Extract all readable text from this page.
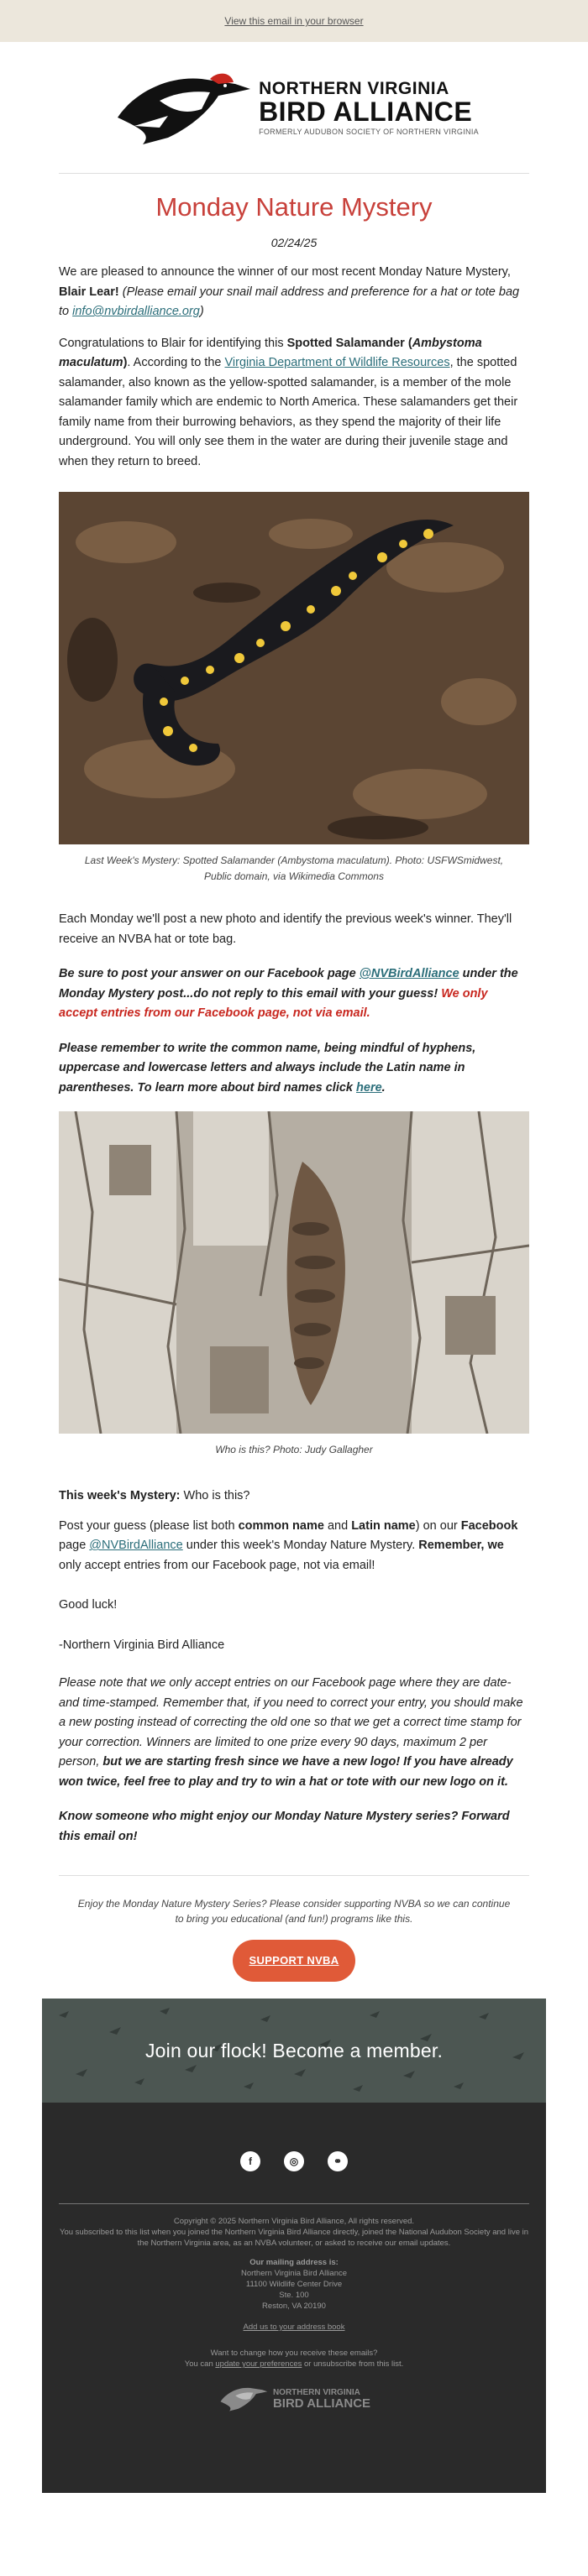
View this email in your browser
NORTHERN VIRGINIA
BIRD ALLIANCE
FORMERLY AUDUBON SOCIETY OF NORTHERN VIRGINIA
Monday Nature Mystery
02/24/25

We are pleased to announce the winner of our most recent Monday Nature Mystery, Blair Lear! (Please email your snail mail address and preference for a hat or tote bag to info@nvbirdalliance.org)

Congratulations to Blair for identifying this Spotted Salamander (Ambystoma maculatum). According to the Virginia Department of Wildlife Resources, the spotted salamander, also known as the yellow-spotted salamander, is a member of the mole salamander family which are endemic to North America. These salamanders get their family name from their burrowing behaviors, as they spend the majority of their life underground. You will only see them in the water are during their juvenile stage and when they return to breed.

Last Week's Mystery: Spotted Salamander (Ambystoma maculatum). Photo: USFWSmidwest, Public domain, via Wikimedia Commons

Each Monday we'll post a new photo and identify the previous week's winner. They'll receive an NVBA hat or tote bag.

Be sure to post your answer on our Facebook page @NVBirdAlliance under the Monday Mystery post...do not reply to this email with your guess! We only accept entries from our Facebook page, not via email.

Please remember to write the common name, being mindful of hyphens, uppercase and lowercase letters and always include the Latin name in parentheses. To learn more about bird names click here.

Who is this? Photo: Judy Gallagher

This week's Mystery: Who is this?

Post your guess (please list both common name and Latin name) on our Facebook page @NVBirdAlliance under this week's Monday Nature Mystery. Remember, we only accept entries from our Facebook page, not via email!

Good luck!

-Northern Virginia Bird Alliance

Please note that we only accept entries on our Facebook page where they are date-and time-stamped. Remember that, if you need to correct your entry, you should make a new posting instead of correcting the old one so that we get a correct time stamp for your correction. Winners are limited to one prize every 90 days, maximum 2 per person, but we are starting fresh since we have a new logo! If you have already won twice, feel free to play and try to win a hat or tote with our new logo on it.

Know someone who might enjoy our Monday Nature Mystery series? Forward this email on!

Enjoy the Monday Nature Mystery Series? Please consider supporting NVBA so we can continue to bring you educational (and fun!) programs like this.
SUPPORT NVBA
Join our flock! Become a member.
f	◎	⚭

Copyright © 2025 Northern Virginia Bird Alliance, All rights reserved.

You subscribed to this list when you joined the Northern Virginia Bird Alliance directly, joined the National Audubon Society and live in the Northern Virginia area, as an NVBA volunteer, or asked to receive our email updates.

Our mailing address is:

Northern Virginia Bird Alliance

11100 Wildlife Center Drive

Ste. 100

Reston, VA 20190

Add us to your address book

Want to change how you receive these emails?

You can update your preferences or unsubscribe from this list.

NORTHERN VIRGINIA
BIRD ALLIANCE
